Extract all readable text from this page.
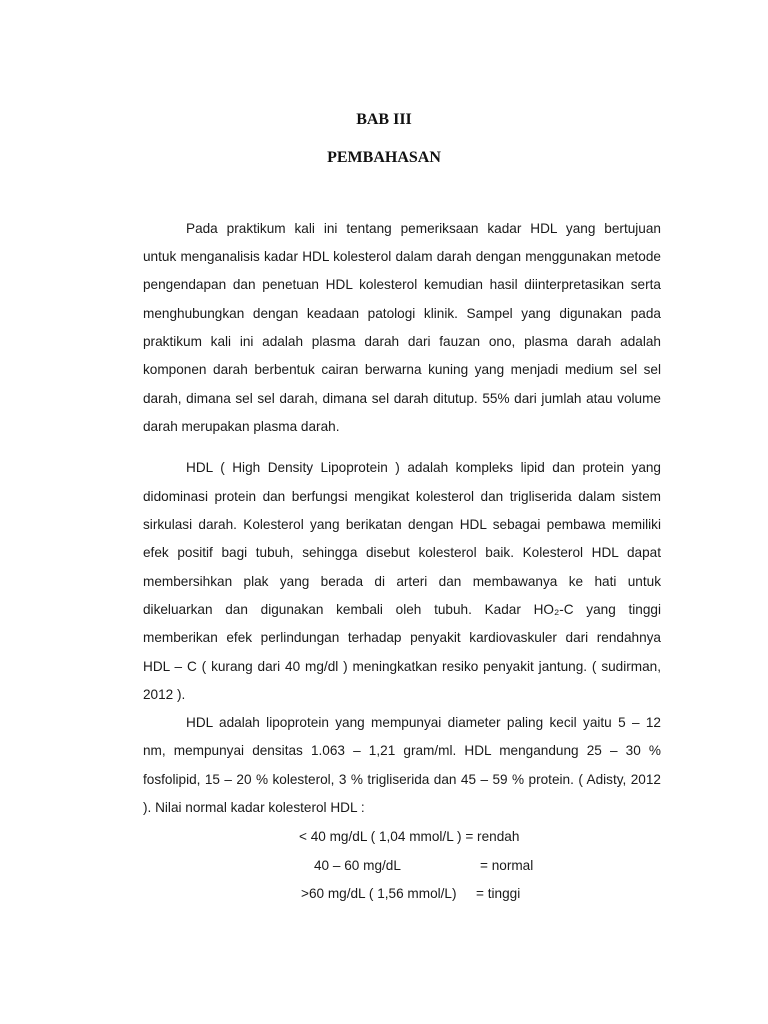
BAB III
PEMBAHASAN
Pada praktikum kali ini tentang pemeriksaan kadar HDL yang bertujuan
untuk menganalisis kadar HDL kolesterol dalam darah dengan menggunakan metode
pengendapan dan penetuan HDL kolesterol kemudian hasil diinterpretasikan serta
menghubungkan dengan keadaan patologi klinik. Sampel yang digunakan pada
praktikum kali ini adalah plasma darah dari fauzan ono, plasma darah adalah
komponen darah berbentuk cairan berwarna kuning yang menjadi medium sel sel
darah, dimana sel sel darah, dimana sel darah ditutup. 55% dari jumlah atau volume
darah merupakan plasma darah.
HDL ( High Density Lipoprotein ) adalah kompleks lipid dan protein yang
didominasi protein dan berfungsi mengikat kolesterol dan trigliserida dalam sistem
sirkulasi darah. Kolesterol yang berikatan dengan HDL sebagai pembawa memiliki
efek positif bagi tubuh, sehingga disebut kolesterol baik. Kolesterol HDL dapat
membersihkan plak yang berada di arteri dan membawanya ke hati untuk
dikeluarkan dan digunakan kembali oleh tubuh. Kadar HO₂-C yang tinggi
memberikan efek perlindungan terhadap penyakit kardiovaskuler dari rendahnya
HDL – C ( kurang dari 40 mg/dl ) meningkatkan resiko penyakit jantung. ( sudirman,
2012 ).
HDL adalah lipoprotein yang mempunyai diameter paling kecil yaitu 5 – 12
nm, mempunyai densitas 1.063 – 1,21 gram/ml. HDL mengandung 25 – 30 %
fosfolipid, 15 – 20 % kolesterol, 3 % trigliserida dan 45 – 59 % protein. ( Adisty, 2012
). Nilai normal kadar kolesterol HDL :
< 40 mg/dL ( 1,04 mmol/L ) = rendah
40 – 60 mg/dL	= normal
>60 mg/dL ( 1,56 mmol/L) = tinggi
